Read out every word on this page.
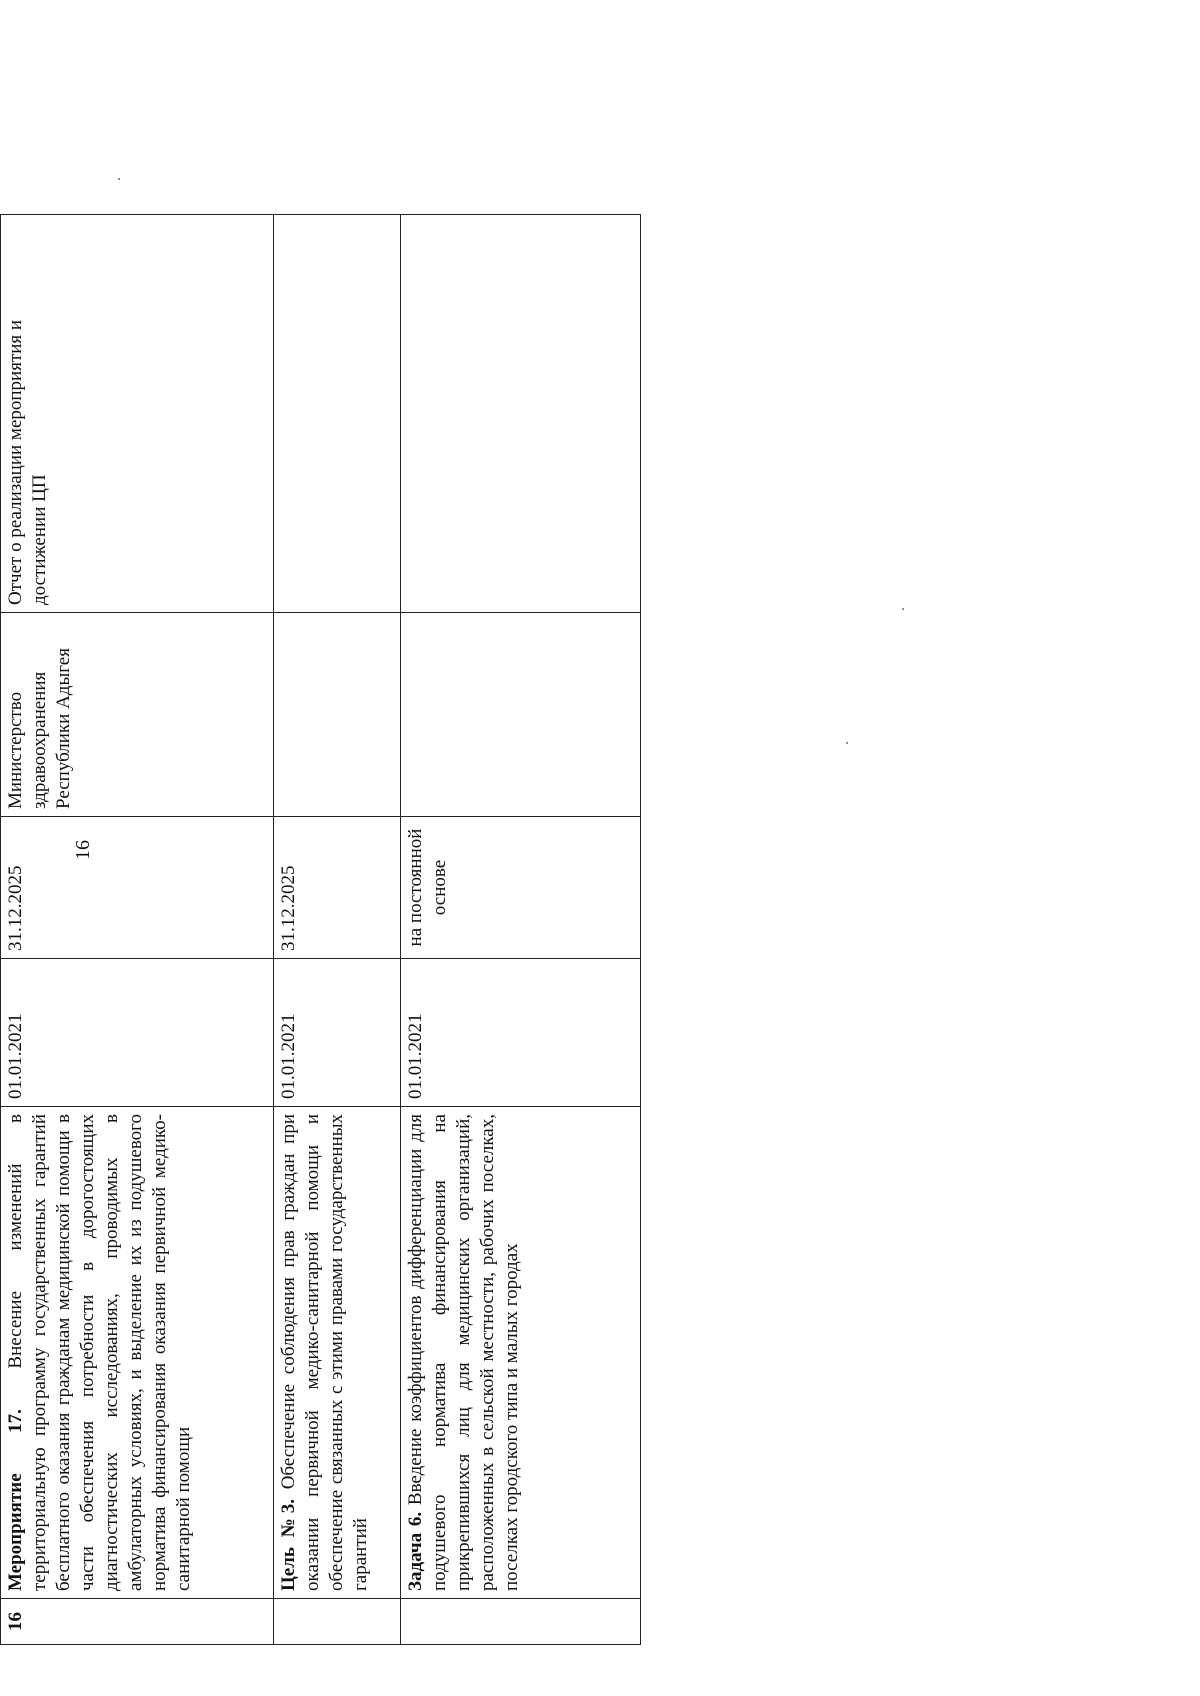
16
16	Мероприятие 17. Внесение изменений в территориальную программу государственных гарантий бесплатного оказания гражданам медицинской помощи в части обеспечения потребности в дорогостоящих диагностических исследованиях, проводимых в амбулаторных условиях, и выделение их из подушевого норматива финансирования оказания первичной медико-санитарной помощи	01.01.2021	31.12.2025	Министерство здравоохранения Республики Адыгея	Отчет о реализации мероприятия и достижении ЦП
	Цель №3. Обеспечение соблюдения прав граждан при оказании первичной медико-санитарной помощи и обеспечение связанных с этими правами государственных гарантий	01.01.2021	31.12.2025		
	Задача 6. Введение коэффициентов дифференциации для подушевого норматива финансирования на прикрепившихся лиц для медицинских организаций, расположенных в сельской местности, рабочих поселках, поселках городского типа и малых городах	01.01.2021	на постоянной основе		
